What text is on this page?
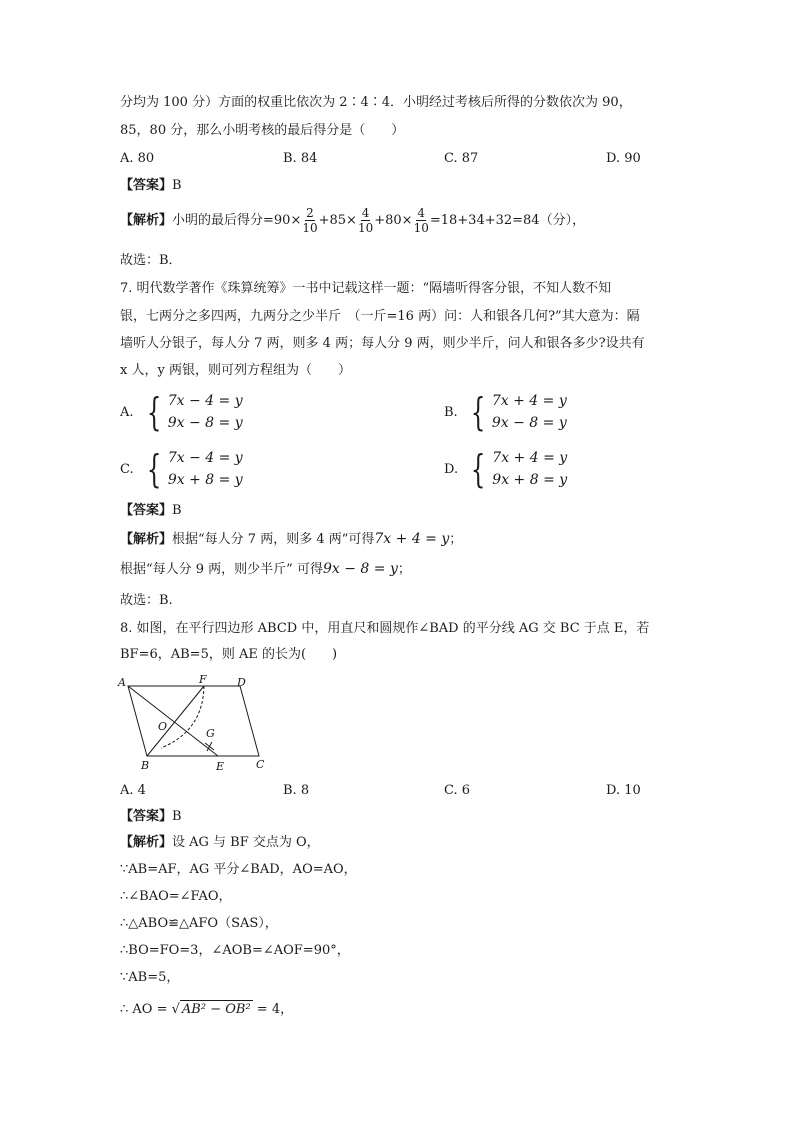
分均为 100 分）方面的权重比依次为 2∶4∶4．小明经过考核后所得的分数依次为 90，
85，80 分，那么小明考核的最后得分是（　　）
A. 80	B. 84	C. 87	D. 90
【答案】B
【解析】小明的最后得分$=90\times \frac{2}{10} +85\times \frac{4}{10} +80\times \frac{4}{10} =18+34+32=84$（分），
故选：B．
7. 明代数学著作《珠算统筹》一书中记载这样一题：“隔墙听得客分银，不知人数不知
银，七两分之多四两，九两分之少半斤　（一斤=16 两）问：人和银各几何?”其大意为：隔
墙听人分银子，每人分 7 两，则多 4 两；每人分 9 两，则少半斤，问人和银各多少?设共有
x 人，y 两银，则可列方程组为（　　）
A. { 7x − 4 = y
9x − 8 = y
B. { 7x + 4 = y
9x − 8 = y
C. { 7x − 4 = y
9x + 8 = y
D. { 7x + 4 = y
9x + 8 = y
【答案】B
【解析】根据“每人分 7 两，则多 4 两”可得7x + 4 = y；
根据“每人分 9 两，则少半斤” 可得9x − 8 = y；
故选：B.
8. 如图，在平行四边形 ABCD 中，用直尺和圆规作∠BAD 的平分线 AG 交 BC 于点 E，若
BF=6，AB=5，则 AE 的长为(　　)
A	F	D
O
G
B	E	C
A. 4	B. 8	C. 6	D. 10
【答案】B
【解析】设 AG 与 BF 交点为 O，
∵AB=AF，AG 平分∠BAD，AO=AO，
∴∠BAO=∠FAO，
∴△ABO≌△AFO（SAS），
∴BO=FO=3，∠AOB=∠AOF=90°，
∵AB=5，
∴ AO = √ AB² − OB² = 4，
